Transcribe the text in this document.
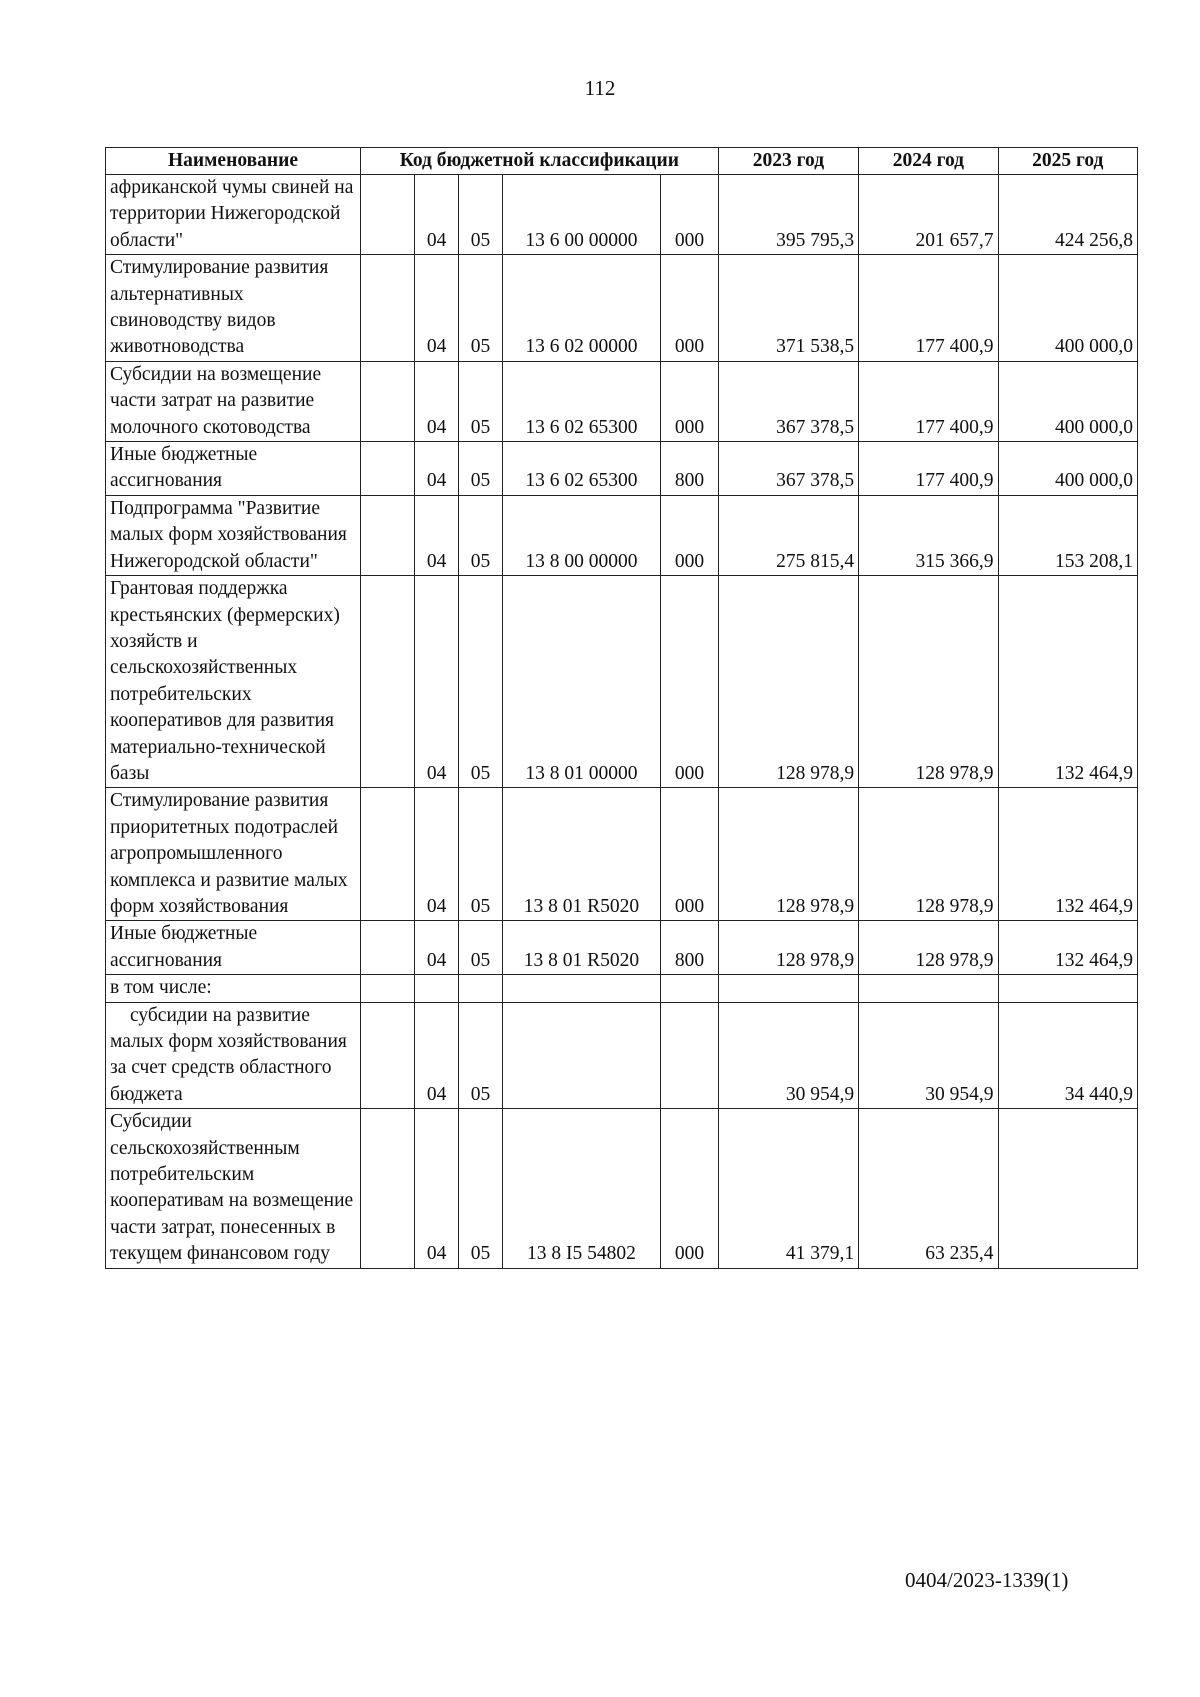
112
Наименование	Код бюджетной классификации					2023 год	2024 год	2025 год
африканской чумы свиней на территории Нижегородской области"		04	05	13 6 00 00000	000	395 795,3	201 657,7	424 256,8
Стимулирование развития альтернативных свиноводству видов животноводства		04	05	13 6 02 00000	000	371 538,5	177 400,9	400 000,0
Субсидии на возмещение части затрат на развитие молочного скотоводства		04	05	13 6 02 65300	000	367 378,5	177 400,9	400 000,0
Иные бюджетные ассигнования		04	05	13 6 02 65300	800	367 378,5	177 400,9	400 000,0
Подпрограмма "Развитие малых форм хозяйствования Нижегородской области"		04	05	13 8 00 00000	000	275 815,4	315 366,9	153 208,1
Грантовая поддержка крестьянских (фермерских) хозяйств и сельскохозяйственных потребительских кооперативов для развития материально-технической базы		04	05	13 8 01 00000	000	128 978,9	128 978,9	132 464,9
Стимулирование развития приоритетных подотраслей агропромышленного комплекса и развитие малых форм хозяйствования		04	05	13 8 01 R5020	000	128 978,9	128 978,9	132 464,9
Иные бюджетные ассигнования		04	05	13 8 01 R5020	800	128 978,9	128 978,9	132 464,9
в том числе:								
субсидии на развитие малых форм хозяйствования за счет средств областного бюджета		04	05			30 954,9	30 954,9	34 440,9
Субсидии сельскохозяйственным потребительским кооперативам на возмещение части затрат, понесенных в текущем финансовом году		04	05	13 8 I5 54802	000	41 379,1	63 235,4	
0404/2023-1339(1)
